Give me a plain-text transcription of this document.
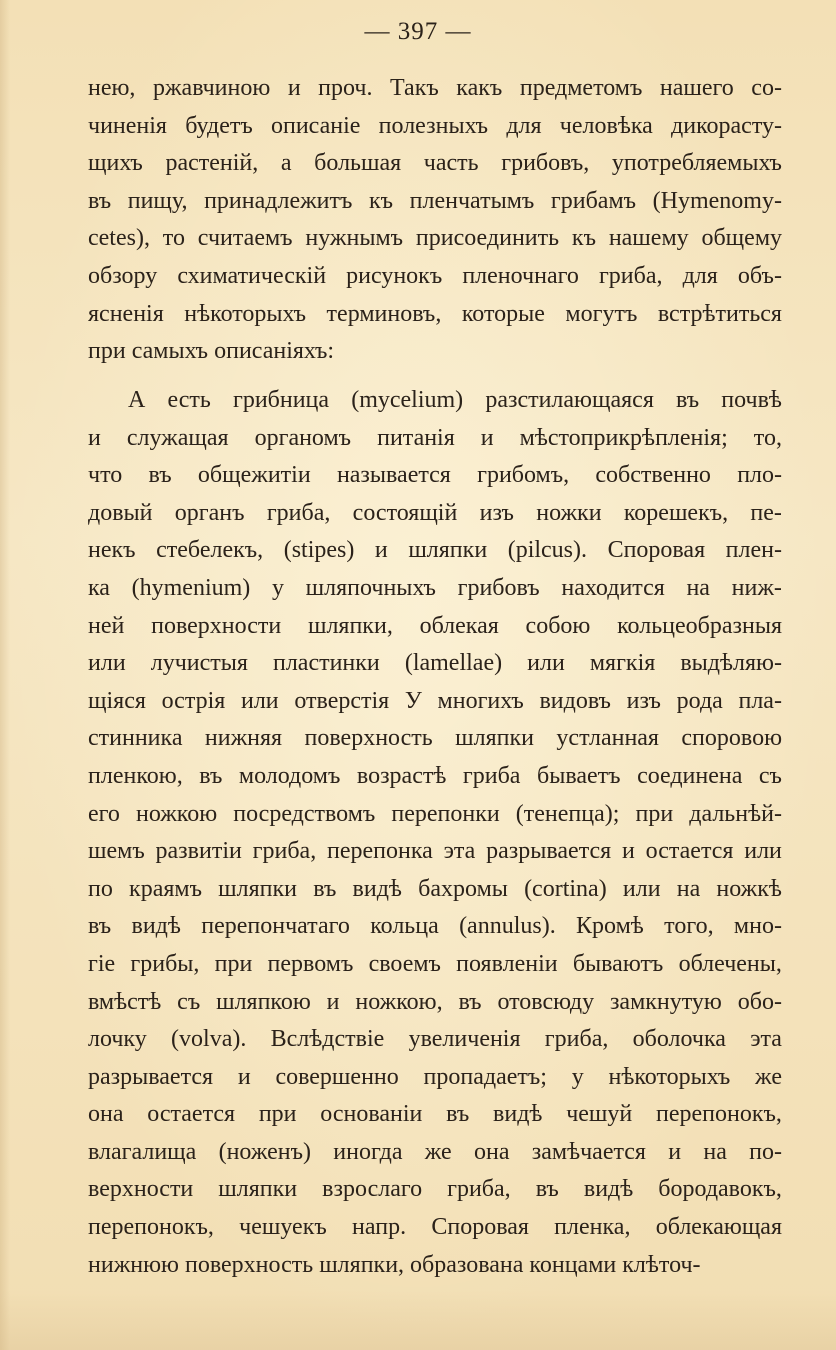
— 397 —
нею, ржавчиною и проч. Такъ какъ предметомъ нашего со-
чиненія будетъ описаніе полезныхъ для человѣка дикорасту-
щихъ растеній, а большая часть грибовъ, употребляемыхъ
въ пищу, принадлежитъ къ пленчатымъ грибамъ (Hymenomy-
cetes), то считаемъ нужнымъ присоединить къ нашему общему
обзору схиматическій рисунокъ пленочнаго гриба, для объ-
ясненія нѣкоторыхъ терминовъ, которые могутъ встрѣтиться
при самыхъ описаніяхъ:
А есть грибница (mycelium) разстилающаяся въ почвѣ
и служащая органомъ питанія и мѣстоприкрѣпленія; то,
что въ общежитіи называется грибомъ, собственно пло-
довый органъ гриба, состоящій изъ ножки корешекъ, пе-
некъ стебелекъ, (stipes) и шляпки (pilcus). Споровая плен-
ка (hymenium) у шляпочныхъ грибовъ находится на ниж-
ней поверхности шляпки, облекая собою кольцеобразныя
или лучистыя пластинки (lamellae) или мягкія выдѣляю-
щіяся острія или отверстія У многихъ видовъ изъ рода пла-
стинника нижняя поверхность шляпки устланная споровою
пленкою, въ молодомъ возрастѣ гриба бываетъ соединена съ
его ножкою посредствомъ перепонки (тенепца); при дальнѣй-
шемъ развитіи гриба, перепонка эта разрывается и остается или
по краямъ шляпки въ видѣ бахромы (cortina) или на ножкѣ
въ видѣ перепончатаго кольца (annulus). Кромѣ того, мно-
гіе грибы, при первомъ своемъ появленіи бываютъ облечены,
вмѣстѣ съ шляпкою и ножкою, въ отовсюду замкнутую обо-
лочку (volva). Вслѣдствіе увеличенія гриба, оболочка эта
разрывается и совершенно пропадаетъ; у нѣкоторыхъ же
она остается при основаніи въ видѣ чешуй перепонокъ,
влагалища (ноженъ) иногда же она замѣчается и на по-
верхности шляпки взрослаго гриба, въ видѣ бородавокъ,
перепонокъ, чешуекъ напр. Споровая пленка, облекающая
нижнюю поверхность шляпки, образована концами клѣточ-
